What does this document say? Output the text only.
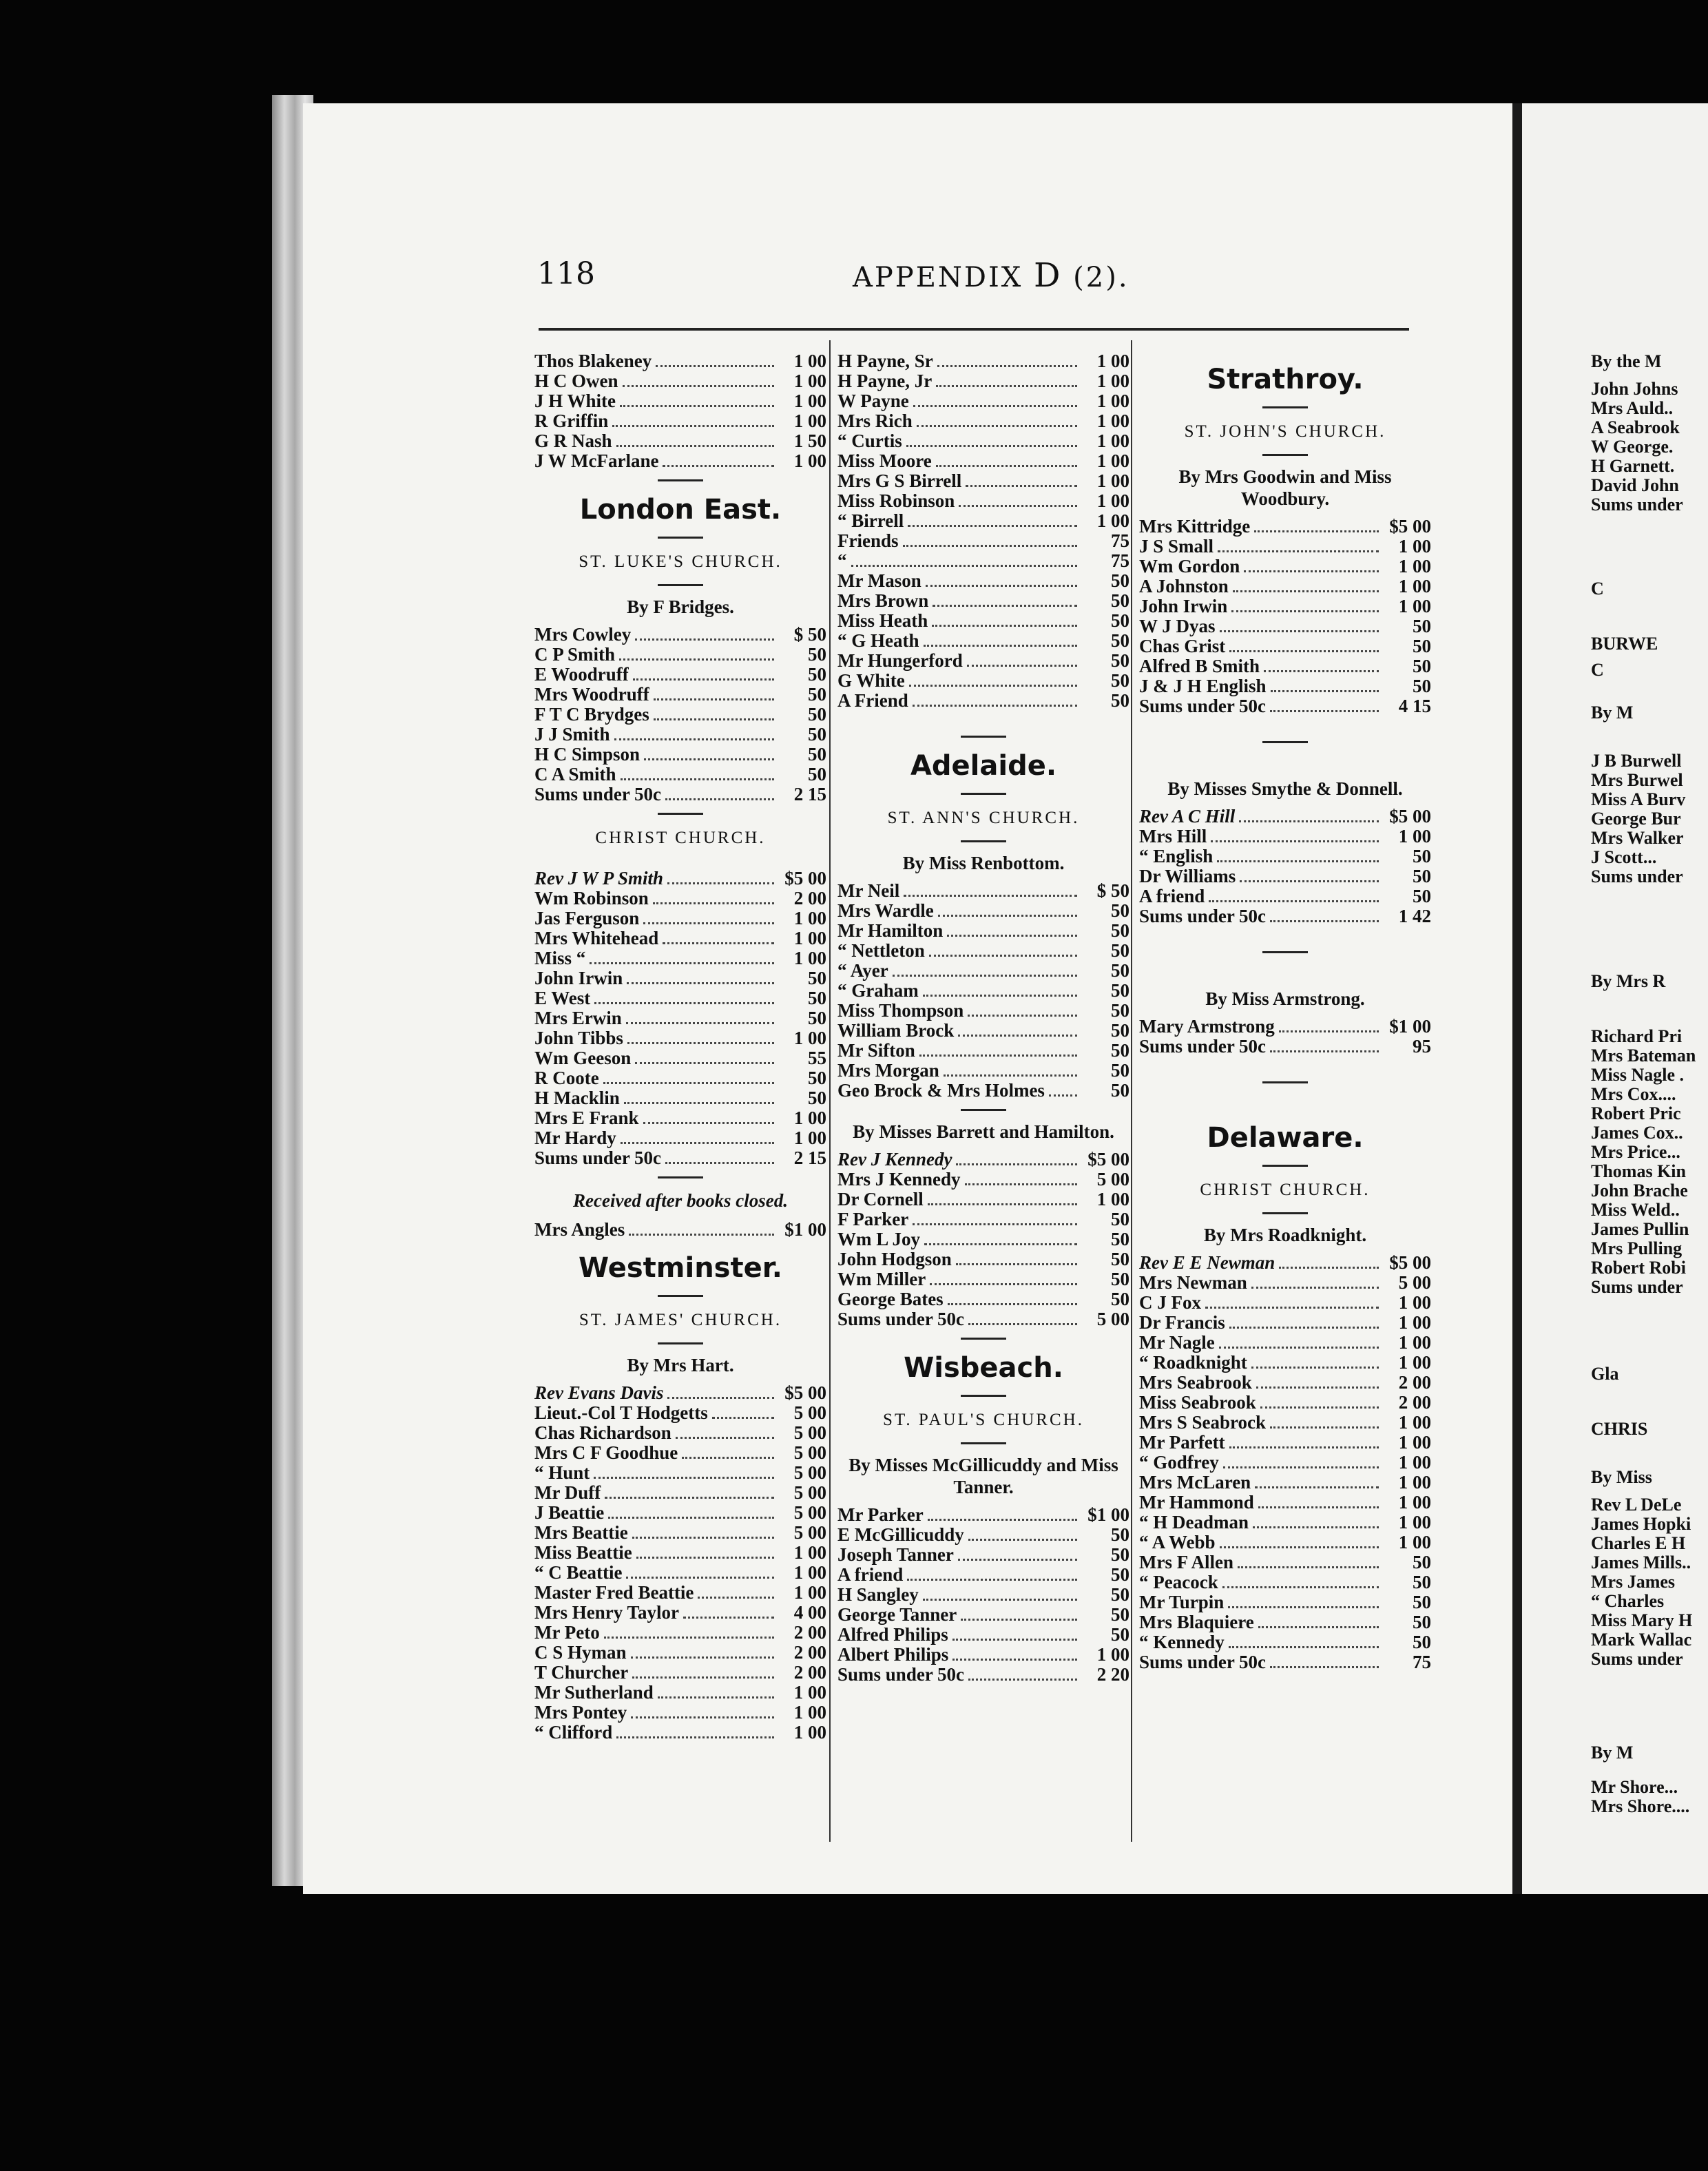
By the M
John Johns
Mrs Auld..
A Seabrook
W George.
H Garnett.
David John
Sums under
C
BURWE
C
By M
J B Burwell
Mrs Burwel
Miss A Burv
George Bur
Mrs Walker
J Scott...
Sums under
By Mrs R
Richard Pri
Mrs Bateman
Miss Nagle .
Mrs Cox....
Robert Pric
James Cox..
Mrs Price...
Thomas Kin
John Brache
Miss Weld..
James Pullin
Mrs Pulling
Robert Robi
Sums under
Gla
CHRIS
By Miss
Rev L DeLe
James Hopki
Charles E H
James Mills..
Mrs James
“ Charles
Miss Mary H
Mark Wallac
Sums under
By M
Mr Shore...
Mrs Shore....
118	APPENDIX D (2).
Thos Blakeney	1 00
H C Owen	1 00
J H White	1 00
R Griffin	1 00
G R Nash	1 50
J W McFarlane	1 00
London East.
ST. LUKE'S CHURCH.
By F Bridges.
Mrs Cowley	$ 50
C P Smith	50
E Woodruff	50
Mrs Woodruff	50
F T C Brydges	50
J J Smith	50
H C Simpson	50
C A Smith	50
Sums under 50c	2 15
CHRIST CHURCH.
Rev J W P Smith	$5 00
Wm Robinson	2 00
Jas Ferguson	1 00
Mrs Whitehead	1 00
Miss “	1 00
John Irwin	50
E West	50
Mrs Erwin	50
John Tibbs	1 00
Wm Geeson	55
R Coote	50
H Macklin	50
Mrs E Frank	1 00
Mr Hardy	1 00
Sums under 50c	2 15
Received after books closed.
Mrs Angles	$1 00
Westminster.
ST. JAMES' CHURCH.
By Mrs Hart.
Rev Evans Davis	$5 00
Lieut.-Col T Hodgetts	5 00
Chas Richardson	5 00
Mrs C F Goodhue	5 00
“ Hunt	5 00
Mr Duff	5 00
J Beattie	5 00
Mrs Beattie	5 00
Miss Beattie	1 00
“ C Beattie	1 00
Master Fred Beattie	1 00
Mrs Henry Taylor	4 00
Mr Peto	2 00
C S Hyman	2 00
T Churcher	2 00
Mr Sutherland	1 00
Mrs Pontey	1 00
“ Clifford	1 00
H Payne, Sr	1 00
H Payne, Jr	1 00
W Payne	1 00
Mrs Rich	1 00
“ Curtis	1 00
Miss Moore	1 00
Mrs G S Birrell	1 00
Miss Robinson	1 00
“ Birrell	1 00
Friends	75
“	75
Mr Mason	50
Mrs Brown	50
Miss Heath	50
“ G Heath	50
Mr Hungerford	50
G White	50
A Friend	50
Adelaide.
ST. ANN'S CHURCH.
By Miss Renbottom.
Mr Neil	$ 50
Mrs Wardle	50
Mr Hamilton	50
“ Nettleton	50
“ Ayer	50
“ Graham	50
Miss Thompson	50
William Brock	50
Mr Sifton	50
Mrs Morgan	50
Geo Brock & Mrs Holmes	50
By Misses Barrett and Hamilton.
Rev J Kennedy	$5 00
Mrs J Kennedy	5 00
Dr Cornell	1 00
F Parker	50
Wm L Joy	50
John Hodgson	50
Wm Miller	50
George Bates	50
Sums under 50c	5 00
Wisbeach.
ST. PAUL'S CHURCH.
By Misses McGillicuddy and Miss Tanner.
Mr Parker	$1 00
E McGillicuddy	50
Joseph Tanner	50
A friend	50
H Sangley	50
George Tanner	50
Alfred Philips	50
Albert Philips	1 00
Sums under 50c	2 20
Strathroy.
ST. JOHN'S CHURCH.
By Mrs Goodwin and Miss Woodbury.
Mrs Kittridge	$5 00
J S Small	1 00
Wm Gordon	1 00
A Johnston	1 00
John Irwin	1 00
W J Dyas	50
Chas Grist	50
Alfred B Smith	50
J & J H English	50
Sums under 50c	4 15
By Misses Smythe & Donnell.
Rev A C Hill	$5 00
Mrs Hill	1 00
“ English	50
Dr Williams	50
A friend	50
Sums under 50c	1 42
By Miss Armstrong.
Mary Armstrong	$1 00
Sums under 50c	95
Delaware.
CHRIST CHURCH.
By Mrs Roadknight.
Rev E E Newman	$5 00
Mrs Newman	5 00
C J Fox	1 00
Dr Francis	1 00
Mr Nagle	1 00
“ Roadknight	1 00
Mrs Seabrook	2 00
Miss Seabrook	2 00
Mrs S Seabrock	1 00
Mr Parfett	1 00
“ Godfrey	1 00
Mrs McLaren	1 00
Mr Hammond	1 00
“ H Deadman	1 00
“ A Webb	1 00
Mrs F Allen	50
“ Peacock	50
Mr Turpin	50
Mrs Blaquiere	50
“ Kennedy	50
Sums under 50c	75
